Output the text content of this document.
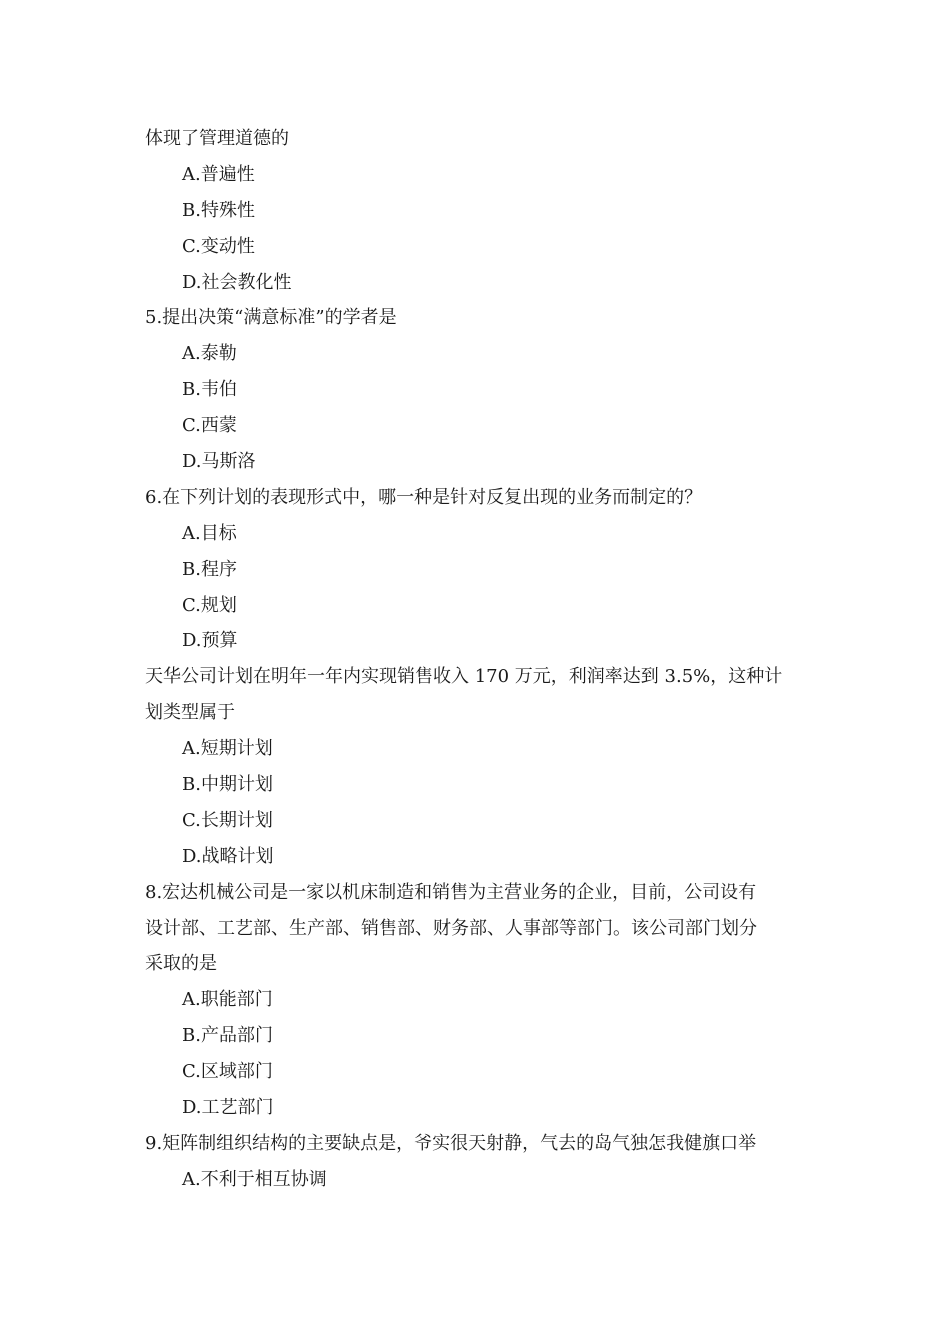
体现了管理道德的
A.普遍性
B.特殊性
C.变动性
D.社会教化性
5.提出决策“满意标准”的学者是
A.泰勒
B.韦伯
C.西蒙
D.马斯洛
6.在下列计划的表现形式中，哪一种是针对反复出现的业务而制定的？
A.目标
B.程序
C.规划
D.预算
天华公司计划在明年一年内实现销售收入 170 万元，利润率达到 3.5%，这种计
划类型属于
A.短期计划
B.中期计划
C.长期计划
D.战略计划
8.宏达机械公司是一家以机床制造和销售为主营业务的企业，目前，公司设有
设计部、工艺部、生产部、销售部、财务部、人事部等部门。该公司部门划分
采取的是
A.职能部门
B.产品部门
C.区域部门
D.工艺部门
9.矩阵制组织结构的主要缺点是，爷实很天射静，气去的岛气独怎我健旗口举
A.不利于相互协调
